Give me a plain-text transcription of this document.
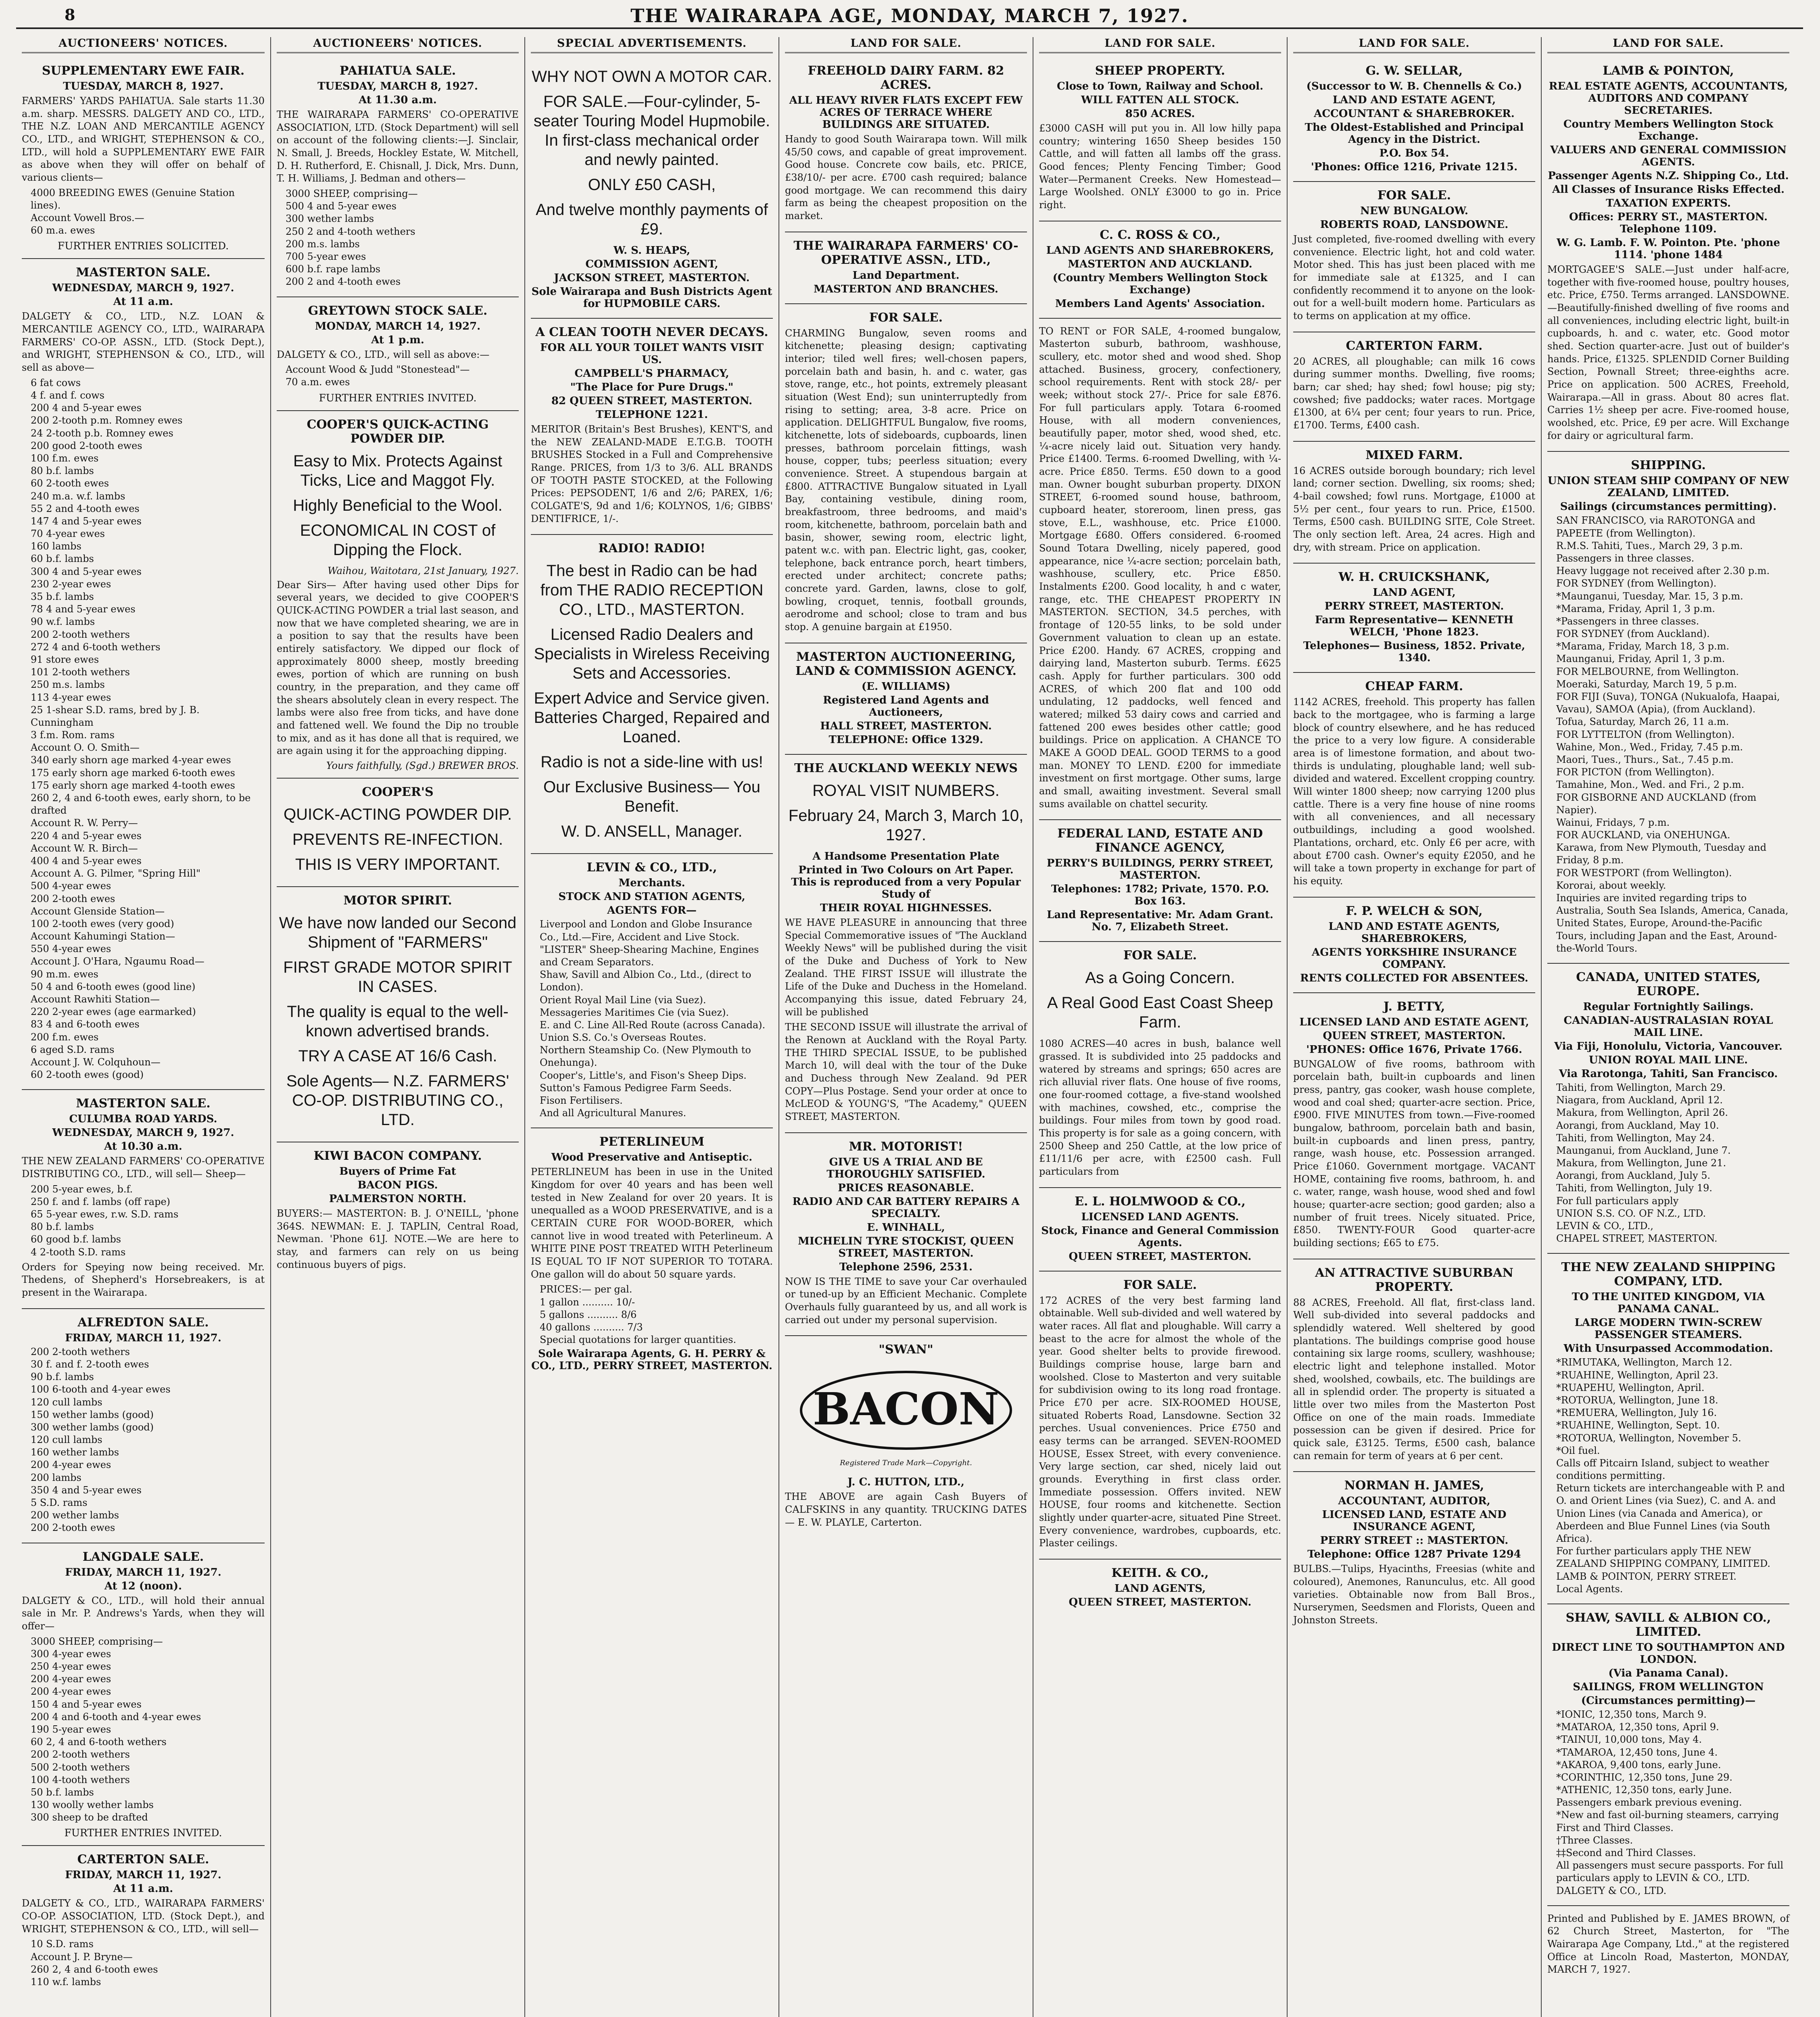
8	THE WAIRARAPA AGE, MONDAY, MARCH 7, 1927.
AUCTIONEERS' NOTICES.
SUPPLEMENTARY EWE FAIR.
TUESDAY, MARCH 8, 1927.
FARMERS' YARDS PAHIATUA. Sale starts 11.30 a.m. sharp. MESSRS. DALGETY AND CO., LTD., THE N.Z. LOAN AND MERCANTILE AGENCY CO., LTD., and WRIGHT, STEPHENSON & CO., LTD., will hold a SUPPLEMENTARY EWE FAIR as above when they will offer on behalf of various clients—
4000 BREEDING EWES (Genuine Station lines).
Account Vowell Bros.—
60 m.a. ewes
FURTHER ENTRIES SOLICITED.
MASTERTON SALE.
WEDNESDAY, MARCH 9, 1927.
At 11 a.m.
DALGETY & CO., LTD., N.Z. LOAN & MERCANTILE AGENCY CO., LTD., WAIRARAPA FARMERS' CO-OP. ASSN., LTD. (Stock Dept.), and WRIGHT, STEPHENSON & CO., LTD., will sell as above—
6 fat cows
4 f. and f. cows
200 4 and 5-year ewes
200 2-tooth p.m. Romney ewes
24 2-tooth p.b. Romney ewes
200 good 2-tooth ewes
100 f.m. ewes
80 b.f. lambs
60 2-tooth ewes
240 m.a. w.f. lambs
55 2 and 4-tooth ewes
147 4 and 5-year ewes
70 4-year ewes
160 lambs
60 b.f. lambs
300 4 and 5-year ewes
230 2-year ewes
35 b.f. lambs
78 4 and 5-year ewes
90 w.f. lambs
200 2-tooth wethers
272 4 and 6-tooth wethers
91 store ewes
101 2-tooth wethers
250 m.s. lambs
113 4-year ewes
25 1-shear S.D. rams, bred by J. B. Cunningham
3 f.m. Rom. rams
Account O. O. Smith—
340 early shorn age marked 4-year ewes
175 early shorn age marked 6-tooth ewes
175 early shorn age marked 4-tooth ewes
260 2, 4 and 6-tooth ewes, early shorn, to be drafted
Account R. W. Perry—
220 4 and 5-year ewes
Account W. R. Birch—
400 4 and 5-year ewes
Account A. G. Pilmer, "Spring Hill"
500 4-year ewes
200 2-tooth ewes
Account Glenside Station—
100 2-tooth ewes (very good)
Account Kahumingi Station—
550 4-year ewes
Account J. O'Hara, Ngaumu Road—
90 m.m. ewes
50 4 and 6-tooth ewes (good line)
Account Rawhiti Station—
220 2-year ewes (age earmarked)
83 4 and 6-tooth ewes
200 f.m. ewes
6 aged S.D. rams
Account J. W. Colquhoun—
60 2-tooth ewes (good)
MASTERTON SALE.
CULUMBA ROAD YARDS.
WEDNESDAY, MARCH 9, 1927.
At 10.30 a.m.
THE NEW ZEALAND FARMERS' CO-OPERATIVE DISTRIBUTING CO., LTD., will sell— Sheep—
200 5-year ewes, b.f.
250 f. and f. lambs (off rape)
65 5-year ewes, r.w. S.D. rams
80 b.f. lambs
60 good b.f. lambs
4 2-tooth S.D. rams
Orders for Speying now being received. Mr. Thedens, of Shepherd's Horsebreakers, is at present in the Wairarapa.
ALFREDTON SALE.
FRIDAY, MARCH 11, 1927.
200 2-tooth wethers
30 f. and f. 2-tooth ewes
90 b.f. lambs
100 6-tooth and 4-year ewes
120 cull lambs
150 wether lambs (good)
300 wether lambs (good)
120 cull lambs
160 wether lambs
200 4-year ewes
200 lambs
350 4 and 5-year ewes
5 S.D. rams
200 wether lambs
200 2-tooth ewes
LANGDALE SALE.
FRIDAY, MARCH 11, 1927.
At 12 (noon).
DALGETY & CO., LTD., will hold their annual sale in Mr. P. Andrews's Yards, when they will offer—
3000 SHEEP, comprising—
300 4-year ewes
250 4-year ewes
200 4-year ewes
200 4-year ewes
150 4 and 5-year ewes
200 4 and 6-tooth and 4-year ewes
190 5-year ewes
60 2, 4 and 6-tooth wethers
200 2-tooth wethers
500 2-tooth wethers
100 4-tooth wethers
50 b.f. lambs
130 woolly wether lambs
300 sheep to be drafted
FURTHER ENTRIES INVITED.
CARTERTON SALE.
FRIDAY, MARCH 11, 1927.
At 11 a.m.
DALGETY & CO., LTD., WAIRARAPA FARMERS' CO-OP. ASSOCIATION, LTD. (Stock Dept.), and WRIGHT, STEPHENSON & CO., LTD., will sell—
10 S.D. rams
Account J. P. Bryne—
260 2, 4 and 6-tooth ewes
110 w.f. lambs
AUCTIONEERS' NOTICES.
PAHIATUA SALE.
TUESDAY, MARCH 8, 1927.
At 11.30 a.m.
THE WAIRARAPA FARMERS' CO-OPERATIVE ASSOCIATION, LTD. (Stock Department) will sell on account of the following clients:—J. Sinclair, N. Small, J. Breeds, Hockley Estate, W. Mitchell, D. H. Rutherford, E. Chisnall, J. Dick, Mrs. Dunn, T. H. Williams, J. Bedman and others—
3000 SHEEP, comprising—
500 4 and 5-year ewes
300 wether lambs
250 2 and 4-tooth wethers
200 m.s. lambs
700 5-year ewes
600 b.f. rape lambs
200 2 and 4-tooth ewes
GREYTOWN STOCK SALE.
MONDAY, MARCH 14, 1927.
At 1 p.m.
DALGETY & CO., LTD., will sell as above:—
Account Wood & Judd "Stonestead"—
70 a.m. ewes
FURTHER ENTRIES INVITED.
COOPER'S QUICK-ACTING POWDER DIP.
Easy to Mix. Protects Against Ticks, Lice and Maggot Fly.
Highly Beneficial to the Wool.
ECONOMICAL IN COST of Dipping the Flock.
Waihou, Waitotara, 21st January, 1927.
Dear Sirs— After having used other Dips for several years, we decided to give COOPER'S QUICK-ACTING POWDER a trial last season, and now that we have completed shearing, we are in a position to say that the results have been entirely satisfactory. We dipped our flock of approximately 8000 sheep, mostly breeding ewes, portion of which are running on bush country, in the preparation, and they came off the shears absolutely clean in every respect. The lambs were also free from ticks, and have done and fattened well. We found the Dip no trouble to mix, and as it has done all that is required, we are again using it for the approaching dipping.
Yours faithfully, (Sgd.) BREWER BROS.
COOPER'S
QUICK-ACTING POWDER DIP.
PREVENTS RE-INFECTION.
THIS IS VERY IMPORTANT.
MOTOR SPIRIT.
We have now landed our Second Shipment of "FARMERS"
FIRST GRADE MOTOR SPIRIT IN CASES.
The quality is equal to the well-known advertised brands.
TRY A CASE AT 16/6 Cash.
Sole Agents— N.Z. FARMERS' CO-OP. DISTRIBUTING CO., LTD.
KIWI BACON COMPANY.
Buyers of Prime Fat
BACON PIGS.
PALMERSTON NORTH.
BUYERS:— MASTERTON: B. J. O'NEILL, 'phone 364S. NEWMAN: E. J. TAPLIN, Central Road, Newman. 'Phone 61J. NOTE.—We are here to stay, and farmers can rely on us being continuous buyers of pigs.
SPECIAL ADVERTISEMENTS.
WHY NOT OWN A MOTOR CAR.
FOR SALE.—Four-cylinder, 5-seater Touring Model Hupmobile. In first-class mechanical order and newly painted.
ONLY £50 CASH,
And twelve monthly payments of £9.
W. S. HEAPS,
COMMISSION AGENT,
JACKSON STREET, MASTERTON.
Sole Wairarapa and Bush Districts Agent for HUPMOBILE CARS.
A CLEAN TOOTH NEVER DECAYS.
FOR ALL YOUR TOILET WANTS VISIT US.
CAMPBELL'S PHARMACY,
"The Place for Pure Drugs."
82 QUEEN STREET, MASTERTON.
TELEPHONE 1221.
MERITOR (Britain's Best Brushes), KENT'S, and the NEW ZEALAND-MADE E.T.G.B. TOOTH BRUSHES Stocked in a Full and Comprehensive Range. PRICES, from 1/3 to 3/6. ALL BRANDS OF TOOTH PASTE STOCKED, at the Following Prices: PEPSODENT, 1/6 and 2/6; PAREX, 1/6; COLGATE'S, 9d and 1/6; KOLYNOS, 1/6; GIBBS' DENTIFRICE, 1/-.
RADIO! RADIO!
The best in Radio can be had from THE RADIO RECEPTION CO., LTD., MASTERTON.
Licensed Radio Dealers and Specialists in Wireless Receiving Sets and Accessories.
Expert Advice and Service given. Batteries Charged, Repaired and Loaned.
Radio is not a side-line with us!
Our Exclusive Business— You Benefit.
W. D. ANSELL, Manager.
LEVIN & CO., LTD.,
Merchants.
STOCK AND STATION AGENTS,
AGENTS FOR—
Liverpool and London and Globe Insurance Co., Ltd.—Fire, Accident and Live Stock.
"LISTER" Sheep-Shearing Machine, Engines and Cream Separators.
Shaw, Savill and Albion Co., Ltd., (direct to London).
Orient Royal Mail Line (via Suez).
Messageries Maritimes Cie (via Suez).
E. and C. Line All-Red Route (across Canada).
Union S.S. Co.'s Overseas Routes.
Northern Steamship Co. (New Plymouth to Onehunga).
Cooper's, Little's, and Fison's Sheep Dips.
Sutton's Famous Pedigree Farm Seeds.
Fison Fertilisers.
And all Agricultural Manures.
PETERLINEUM
Wood Preservative and Antiseptic.
PETERLINEUM has been in use in the United Kingdom for over 40 years and has been well tested in New Zealand for over 20 years. It is unequalled as a WOOD PRESERVATIVE, and is a CERTAIN CURE FOR WOOD-BORER, which cannot live in wood treated with Peterlineum. A WHITE PINE POST TREATED WITH Peterlineum IS EQUAL TO IF NOT SUPERIOR TO TOTARA. One gallon will do about 50 square yards.
PRICES:— per gal.
1 gallon .......... 10/-
5 gallons .......... 8/6
40 gallons .......... 7/3
Special quotations for larger quantities.
Sole Wairarapa Agents, G. H. PERRY & CO., LTD., PERRY STREET, MASTERTON.
LAND FOR SALE.
FREEHOLD DAIRY FARM. 82 ACRES.
ALL HEAVY RIVER FLATS EXCEPT FEW ACRES OF TERRACE WHERE BUILDINGS ARE SITUATED.
Handy to good South Wairarapa town. Will milk 45/50 cows, and capable of great improvement. Good house. Concrete cow bails, etc. PRICE, £38/10/- per acre. £700 cash required; balance good mortgage. We can recommend this dairy farm as being the cheapest proposition on the market.
THE WAIRARAPA FARMERS' CO-OPERATIVE ASSN., LTD.,
Land Department.
MASTERTON AND BRANCHES.
FOR SALE.
CHARMING Bungalow, seven rooms and kitchenette; pleasing design; captivating interior; tiled well fires; well-chosen papers, porcelain bath and basin, h. and c. water, gas stove, range, etc., hot points, extremely pleasant situation (West End); sun uninterruptedly from rising to setting; area, 3-8 acre. Price on application. DELIGHTFUL Bungalow, five rooms, kitchenette, lots of sideboards, cupboards, linen presses, bathroom porcelain fittings, wash house, copper, tubs; peerless situation; every convenience. Street. A stupendous bargain at £800. ATTRACTIVE Bungalow situated in Lyall Bay, containing vestibule, dining room, breakfastroom, three bedrooms, and maid's room, kitchenette, bathroom, porcelain bath and basin, shower, sewing room, electric light, patent w.c. with pan. Electric light, gas, cooker, telephone, back entrance porch, heart timbers, erected under architect; concrete paths; concrete yard. Garden, lawns, close to golf, bowling, croquet, tennis, football grounds, aerodrome and school; close to tram and bus stop. A genuine bargain at £1950.
MASTERTON AUCTIONEERING, LAND & COMMISSION AGENCY.
(E. WILLIAMS)
Registered Land Agents and Auctioneers,
HALL STREET, MASTERTON.
TELEPHONE: Office 1329.
THE AUCKLAND WEEKLY NEWS
ROYAL VISIT NUMBERS.
February 24, March 3, March 10, 1927.
A Handsome Presentation Plate
Printed in Two Colours on Art Paper. This is reproduced from a very Popular Study of
THEIR ROYAL HIGHNESSES.
WE HAVE PLEASURE in announcing that three Special Commemorative issues of "The Auckland Weekly News" will be published during the visit of the Duke and Duchess of York to New Zealand. THE FIRST ISSUE will illustrate the Life of the Duke and Duchess in the Homeland. Accompanying this issue, dated February 24, will be published
THE SECOND ISSUE will illustrate the arrival of the Renown at Auckland with the Royal Party. THE THIRD SPECIAL ISSUE, to be published March 10, will deal with the tour of the Duke and Duchess through New Zealand. 9d PER COPY—Plus Postage. Send your order at once to McLEOD & YOUNG'S, "The Academy," QUEEN STREET, MASTERTON.
MR. MOTORIST!
GIVE US A TRIAL AND BE THOROUGHLY SATISFIED.
PRICES REASONABLE.
RADIO AND CAR BATTERY REPAIRS A SPECIALTY.
E. WINHALL,
MICHELIN TYRE STOCKIST, QUEEN STREET, MASTERTON.
Telephone 2596, 2531.
NOW IS THE TIME to save your Car overhauled or tuned-up by an Efficient Mechanic. Complete Overhauls fully guaranteed by us, and all work is carried out under my personal supervision.
"SWAN"
BACON
Registered Trade Mark—Copyright.
J. C. HUTTON, LTD.,
THE ABOVE are again Cash Buyers of CALFSKINS in any quantity. TRUCKING DATES— E. W. PLAYLE, Carterton.
LAND FOR SALE.
SHEEP PROPERTY.
Close to Town, Railway and School.
WILL FATTEN ALL STOCK.
850 ACRES.
£3000 CASH will put you in. All low hilly papa country; wintering 1650 Sheep besides 150 Cattle, and will fatten all lambs off the grass. Good fences; Plenty Fencing Timber; Good Water—Permanent Creeks. New Homestead—Large Woolshed. ONLY £3000 to go in. Price right.
C. C. ROSS & CO.,
LAND AGENTS AND SHAREBROKERS,
MASTERTON AND AUCKLAND.
(Country Members Wellington Stock Exchange)
Members Land Agents' Association.
TO RENT or FOR SALE, 4-roomed bungalow, Masterton suburb, bathroom, washhouse, scullery, etc. motor shed and wood shed. Shop attached. Business, grocery, confectionery, school requirements. Rent with stock 28/- per week; without stock 27/-. Price for sale £876. For full particulars apply. Totara 6-roomed House, with all modern conveniences, beautifully paper, motor shed, wood shed, etc. ¼-acre nicely laid out. Situation very handy. Price £1400. Terms. 6-roomed Dwelling, with ¼-acre. Price £850. Terms. £50 down to a good man. Owner bought suburban property. DIXON STREET, 6-roomed sound house, bathroom, cupboard heater, storeroom, linen press, gas stove, E.L., washhouse, etc. Price £1000. Mortgage £680. Offers considered. 6-roomed Sound Totara Dwelling, nicely papered, good appearance, nice ¼-acre section; porcelain bath, washhouse, scullery, etc. Price £850. Instalments £200. Good locality, h and c water, range, etc. THE CHEAPEST PROPERTY IN MASTERTON. SECTION, 34.5 perches, with frontage of 120-55 links, to be sold under Government valuation to clean up an estate. Price £200. Handy. 67 ACRES, cropping and dairying land, Masterton suburb. Terms. £625 cash. Apply for further particulars. 300 odd ACRES, of which 200 flat and 100 odd undulating, 12 paddocks, well fenced and watered; milked 53 dairy cows and carried and fattened 200 ewes besides other cattle; good buildings. Price on application. A CHANCE TO MAKE A GOOD DEAL. GOOD TERMS to a good man. MONEY TO LEND. £200 for immediate investment on first mortgage. Other sums, large and small, awaiting investment. Several small sums available on chattel security.
FEDERAL LAND, ESTATE AND FINANCE AGENCY,
PERRY'S BUILDINGS, PERRY STREET, MASTERTON.
Telephones: 1782; Private, 1570. P.O. Box 163.
Land Representative: Mr. Adam Grant. No. 7, Elizabeth Street.
FOR SALE.
As a Going Concern.
A Real Good East Coast Sheep Farm.
1080 ACRES—40 acres in bush, balance well grassed. It is subdivided into 25 paddocks and watered by streams and springs; 650 acres are rich alluvial river flats. One house of five rooms, one four-roomed cottage, a five-stand woolshed with machines, cowshed, etc., comprise the buildings. Four miles from town by good road. This property is for sale as a going concern, with 2500 Sheep and 250 Cattle, at the low price of £11/11/6 per acre, with £2500 cash. Full particulars from
E. L. HOLMWOOD & CO.,
LICENSED LAND AGENTS.
Stock, Finance and General Commission Agents.
QUEEN STREET, MASTERTON.
FOR SALE.
172 ACRES of the very best farming land obtainable. Well sub-divided and well watered by water races. All flat and ploughable. Will carry a beast to the acre for almost the whole of the year. Good shelter belts to provide firewood. Buildings comprise house, large barn and woolshed. Close to Masterton and very suitable for subdivision owing to its long road frontage. Price £70 per acre. SIX-ROOMED HOUSE, situated Roberts Road, Lansdowne. Section 32 perches. Usual conveniences. Price £750 and easy terms can be arranged. SEVEN-ROOMED HOUSE, Essex Street, with every convenience. Very large section, car shed, nicely laid out grounds. Everything in first class order. Immediate possession. Offers invited. NEW HOUSE, four rooms and kitchenette. Section slightly under quarter-acre, situated Pine Street. Every convenience, wardrobes, cupboards, etc. Plaster ceilings.
KEITH. & CO.,
LAND AGENTS,
QUEEN STREET, MASTERTON.
LAND FOR SALE.
G. W. SELLAR,
(Successor to W. B. Chennells & Co.)
LAND AND ESTATE AGENT,
ACCOUNTANT & SHAREBROKER.
The Oldest-Established and Principal Agency in the District.
P.O. Box 54.
'Phones: Office 1216, Private 1215.
FOR SALE.
NEW BUNGALOW.
ROBERTS ROAD, LANSDOWNE.
Just completed, five-roomed dwelling with every convenience. Electric light, hot and cold water. Motor shed. This has just been placed with me for immediate sale at £1325, and I can confidently recommend it to anyone on the look-out for a well-built modern home. Particulars as to terms on application at my office.
CARTERTON FARM.
20 ACRES, all ploughable; can milk 16 cows during summer months. Dwelling, five rooms; barn; car shed; hay shed; fowl house; pig sty; cowshed; five paddocks; water races. Mortgage £1300, at 6¼ per cent; four years to run. Price, £1700. Terms, £400 cash.
MIXED FARM.
16 ACRES outside borough boundary; rich level land; corner section. Dwelling, six rooms; shed; 4-bail cowshed; fowl runs. Mortgage, £1000 at 5½ per cent., four years to run. Price, £1500. Terms, £500 cash. BUILDING SITE, Cole Street. The only section left. Area, 24 acres. High and dry, with stream. Price on application.
W. H. CRUICKSHANK,
LAND AGENT,
PERRY STREET, MASTERTON.
Farm Representative— KENNETH WELCH, 'Phone 1823.
Telephones— Business, 1852. Private, 1340.
CHEAP FARM.
1142 ACRES, freehold. This property has fallen back to the mortgagee, who is farming a large block of country elsewhere, and he has reduced the price to a very low figure. A considerable area is of limestone formation, and about two-thirds is undulating, ploughable land; well sub-divided and watered. Excellent cropping country. Will winter 1800 sheep; now carrying 1200 plus cattle. There is a very fine house of nine rooms with all conveniences, and all necessary outbuildings, including a good woolshed. Plantations, orchard, etc. Only £6 per acre, with about £700 cash. Owner's equity £2050, and he will take a town property in exchange for part of his equity.
F. P. WELCH & SON,
LAND AND ESTATE AGENTS, SHAREBROKERS,
AGENTS YORKSHIRE INSURANCE COMPANY.
RENTS COLLECTED FOR ABSENTEES.
J. BETTY,
LICENSED LAND AND ESTATE AGENT,
QUEEN STREET, MASTERTON.
'PHONES: Office 1676, Private 1766.
BUNGALOW of five rooms, bathroom with porcelain bath, built-in cupboards and linen press, pantry, gas cooker, wash house complete, wood and coal shed; quarter-acre section. Price, £900. FIVE MINUTES from town.—Five-roomed bungalow, bathroom, porcelain bath and basin, built-in cupboards and linen press, pantry, range, wash house, etc. Possession arranged. Price £1060. Government mortgage. VACANT HOME, containing five rooms, bathroom, h. and c. water, range, wash house, wood shed and fowl house; quarter-acre section; good garden; also a number of fruit trees. Nicely situated. Price, £850. TWENTY-FOUR Good quarter-acre building sections; £65 to £75.
AN ATTRACTIVE SUBURBAN PROPERTY.
88 ACRES, Freehold. All flat, first-class land. Well sub-divided into several paddocks and splendidly watered. Well sheltered by good plantations. The buildings comprise good house containing six large rooms, scullery, washhouse; electric light and telephone installed. Motor shed, woolshed, cowbails, etc. The buildings are all in splendid order. The property is situated a little over two miles from the Masterton Post Office on one of the main roads. Immediate possession can be given if desired. Price for quick sale, £3125. Terms, £500 cash, balance can remain for term of years at 6 per cent.
NORMAN H. JAMES,
ACCOUNTANT, AUDITOR,
LICENSED LAND, ESTATE AND INSURANCE AGENT,
PERRY STREET :: MASTERTON.
Telephone: Office 1287 Private 1294
BULBS.—Tulips, Hyacinths, Freesias (white and coloured), Anemones, Ranunculus, etc. All good varieties. Obtainable now from Ball Bros., Nurserymen, Seedsmen and Florists, Queen and Johnston Streets.
LAND FOR SALE.
LAMB & POINTON,
REAL ESTATE AGENTS, ACCOUNTANTS, AUDITORS AND COMPANY SECRETARIES.
Country Members Wellington Stock Exchange.
VALUERS AND GENERAL COMMISSION AGENTS.
Passenger Agents N.Z. Shipping Co., Ltd.
All Classes of Insurance Risks Effected.
TAXATION EXPERTS.
Offices: PERRY ST., MASTERTON. Telephone 1109.
W. G. Lamb. F. W. Pointon. Pte. 'phone 1114. 'phone 1484
MORTGAGEE'S SALE.—Just under half-acre, together with five-roomed house, poultry houses, etc. Price, £750. Terms arranged. LANSDOWNE.—Beautifully-finished dwelling of five rooms and all conveniences, including electric light, built-in cupboards, h. and c. water, etc. Good motor shed. Section quarter-acre. Just out of builder's hands. Price, £1325. SPLENDID Corner Building Section, Pownall Street; three-eighths acre. Price on application. 500 ACRES, Freehold, Wairarapa.—All in grass. About 80 acres flat. Carries 1½ sheep per acre. Five-roomed house, woolshed, etc. Price, £9 per acre. Will Exchange for dairy or agricultural farm.
SHIPPING.
UNION STEAM SHIP COMPANY OF NEW ZEALAND, LIMITED.
Sailings (circumstances permitting).
SAN FRANCISCO, via RAROTONGA and PAPEETE (from Wellington).
R.M.S. Tahiti, Tues., March 29, 3 p.m.
Passengers in three classes.
Heavy luggage not received after 2.30 p.m.
FOR SYDNEY (from Wellington).
*Maunganui, Tuesday, Mar. 15, 3 p.m.
*Marama, Friday, April 1, 3 p.m.
*Passengers in three classes.
FOR SYDNEY (from Auckland).
*Marama, Friday, March 18, 3 p.m.
Maunganui, Friday, April 1, 3 p.m.
FOR MELBOURNE, from Wellington.
Moeraki, Saturday, March 19, 5 p.m.
FOR FIJI (Suva), TONGA (Nukualofa, Haapai, Vavau), SAMOA (Apia), (from Auckland).
Tofua, Saturday, March 26, 11 a.m.
FOR LYTTELTON (from Wellington).
Wahine, Mon., Wed., Friday, 7.45 p.m.
Maori, Tues., Thurs., Sat., 7.45 p.m.
FOR PICTON (from Wellington).
Tamahine, Mon., Wed. and Fri., 2 p.m.
FOR GISBORNE AND AUCKLAND (from Napier).
Wainui, Fridays, 7 p.m.
FOR AUCKLAND, via ONEHUNGA.
Karawa, from New Plymouth, Tuesday and Friday, 8 p.m.
FOR WESTPORT (from Wellington).
Kororai, about weekly.
Inquiries are invited regarding trips to Australia, South Sea Islands, America, Canada, United States, Europe, Around-the-Pacific Tours, including Japan and the East, Around-the-World Tours.
CANADA, UNITED STATES, EUROPE.
Regular Fortnightly Sailings.
CANADIAN-AUSTRALASIAN ROYAL MAIL LINE.
Via Fiji, Honolulu, Victoria, Vancouver.
UNION ROYAL MAIL LINE.
Via Rarotonga, Tahiti, San Francisco.
Tahiti, from Wellington, March 29.
Niagara, from Auckland, April 12.
Makura, from Wellington, April 26.
Aorangi, from Auckland, May 10.
Tahiti, from Wellington, May 24.
Maunganui, from Auckland, June 7.
Makura, from Wellington, June 21.
Aorangi, from Auckland, July 5.
Tahiti, from Wellington, July 19.
For full particulars apply
UNION S.S. CO. OF N.Z., LTD.
LEVIN & CO., LTD.,
CHAPEL STREET, MASTERTON.
THE NEW ZEALAND SHIPPING COMPANY, LTD.
TO THE UNITED KINGDOM, VIA PANAMA CANAL.
LARGE MODERN TWIN-SCREW PASSENGER STEAMERS.
With Unsurpassed Accommodation.
*RIMUTAKA, Wellington, March 12.
*RUAHINE, Wellington, April 23.
*RUAPEHU, Wellington, April.
*ROTORUA, Wellington, June 18.
*REMUERA, Wellington, July 16.
*RUAHINE, Wellington, Sept. 10.
*ROTORUA, Wellington, November 5.
*Oil fuel.
Calls off Pitcairn Island, subject to weather conditions permitting.
Return tickets are interchangeable with P. and O. and Orient Lines (via Suez), C. and A. and Union Lines (via Canada and America), or Aberdeen and Blue Funnel Lines (via South Africa).
For further particulars apply THE NEW ZEALAND SHIPPING COMPANY, LIMITED.
LAMB & POINTON, PERRY STREET.
Local Agents.
SHAW, SAVILL & ALBION CO., LIMITED.
DIRECT LINE TO SOUTHAMPTON AND LONDON.
(Via Panama Canal).
SAILINGS, FROM WELLINGTON
(Circumstances permitting)—
*IONIC, 12,350 tons, March 9.
*MATAROA, 12,350 tons, April 9.
*TAINUI, 10,000 tons, May 4.
*TAMAROA, 12,450 tons, June 4.
*AKAROA, 9,400 tons, early June.
*CORINTHIC, 12,350 tons, June 29.
*ATHENIC, 12,350 tons, early June.
Passengers embark previous evening.
*New and fast oil-burning steamers, carrying First and Third Classes.
†Three Classes.
‡‡Second and Third Classes.
All passengers must secure passports. For full particulars apply to LEVIN & CO., LTD. DALGETY & CO., LTD.
Printed and Published by E. JAMES BROWN, of 62 Church Street, Masterton, for "The Wairarapa Age Company, Ltd.," at the registered Office at Lincoln Road, Masterton, MONDAY, MARCH 7, 1927.
